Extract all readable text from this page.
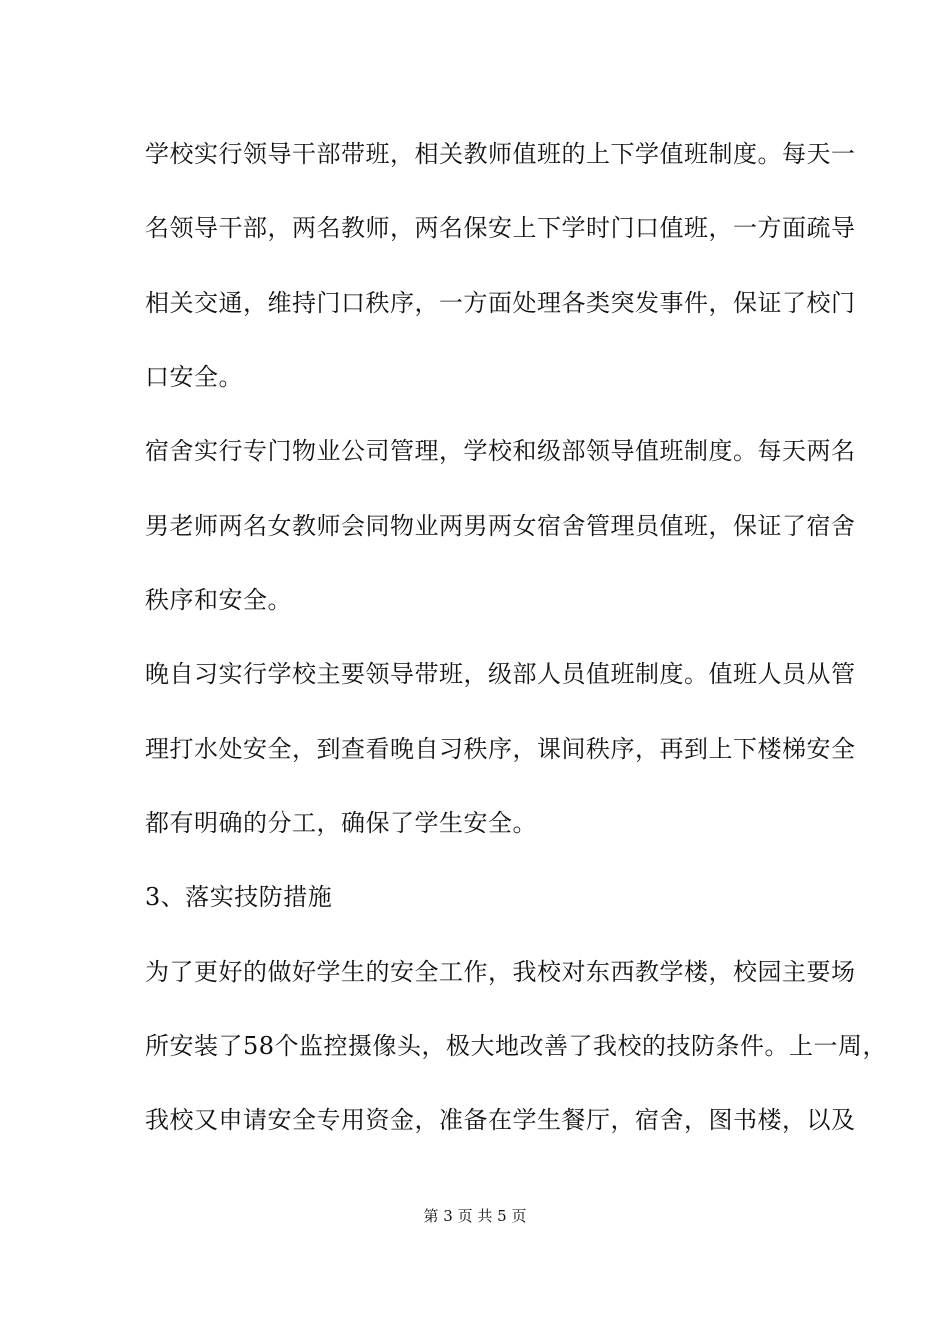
学校实行领导干部带班，相关教师值班的上下学值班制度。每天一
名领导干部，两名教师，两名保安上下学时门口值班，一方面疏导
相关交通，维持门口秩序，一方面处理各类突发事件，保证了校门
口安全。
宿舍实行专门物业公司管理，学校和级部领导值班制度。每天两名
男老师两名女教师会同物业两男两女宿舍管理员值班，保证了宿舍
秩序和安全。
晚自习实行学校主要领导带班，级部人员值班制度。值班人员从管
理打水处安全，到查看晚自习秩序，课间秩序，再到上下楼梯安全
都有明确的分工，确保了学生安全。
3、落实技防措施
为了更好的做好学生的安全工作，我校对东西教学楼，校园主要场
所安装了58个监控摄像头，极大地改善了我校的技防条件。上一周，
我校又申请安全专用资金，准备在学生餐厅，宿舍，图书楼，以及
第 3 页 共 5 页
